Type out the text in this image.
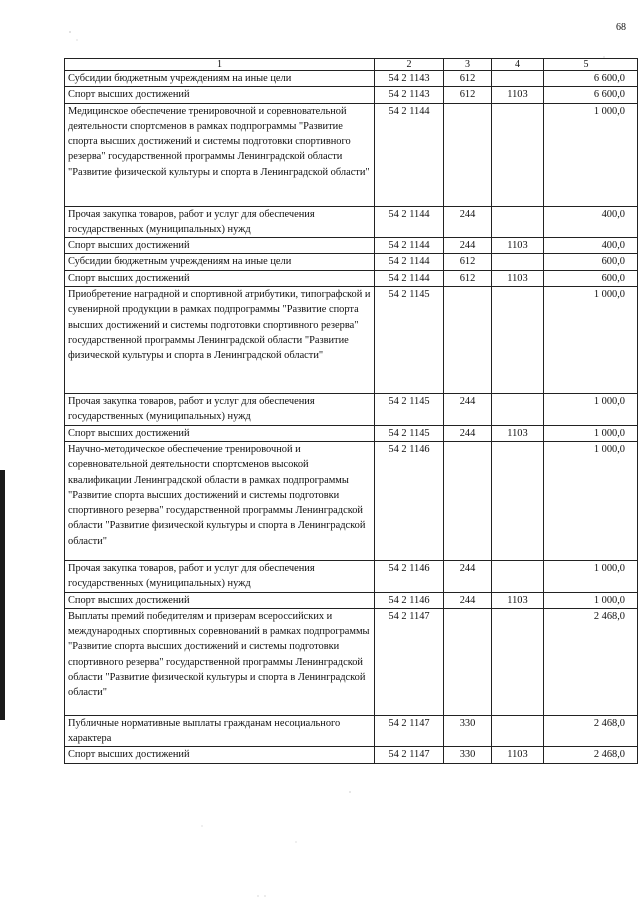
68
1	2	3	4	5
Субсидии бюджетным учреждениям на иные цели	54 2 1143	612		6 600,0
Спорт высших достижений	54 2 1143	612	1103	6 600,0
Медицинское обеспечение тренировочной и соревновательной деятельности спортсменов в рамках подпрограммы "Развитие спорта высших достижений и системы подготовки спортивного резерва" государственной программы Ленинградской области "Развитие физической культуры и спорта в Ленинградской области"	54 2 1144			1 000,0
Прочая закупка товаров, работ и услуг для обеспечения государственных (муниципальных) нужд	54 2 1144	244		400,0
Спорт высших достижений	54 2 1144	244	1103	400,0
Субсидии бюджетным учреждениям на иные цели	54 2 1144	612		600,0
Спорт высших достижений	54 2 1144	612	1103	600,0
Приобретение наградной и спортивной атрибутики, типографской и сувенирной продукции в рамках подпрограммы "Развитие спорта высших достижений и системы подготовки спортивного резерва" государственной программы Ленинградской области "Развитие физической культуры и спорта в Ленинградской области"	54 2 1145			1 000,0
Прочая закупка товаров, работ и услуг для обеспечения государственных (муниципальных) нужд	54 2 1145	244		1 000,0
Спорт высших достижений	54 2 1145	244	1103	1 000,0
Научно-методическое обеспечение тренировочной и соревновательной деятельности спортсменов высокой квалификации Ленинградской области в рамках подпрограммы "Развитие спорта высших достижений и системы подготовки спортивного резерва" государственной программы Ленинградской области "Развитие физической культуры и спорта в Ленинградской области"	54 2 1146			1 000,0
Прочая закупка товаров, работ и услуг для обеспечения государственных (муниципальных) нужд	54 2 1146	244		1 000,0
Спорт высших достижений	54 2 1146	244	1103	1 000,0
Выплаты премий победителям и призерам всероссийских и международных спортивных соревнований в рамках подпрограммы "Развитие спорта высших достижений и системы подготовки спортивного резерва" государственной программы Ленинградской области "Развитие физической культуры и спорта в Ленинградской области"	54 2 1147			2 468,0
Публичные нормативные выплаты гражданам несоциального характера	54 2 1147	330		2 468,0
Спорт высших достижений	54 2 1147	330	1103	2 468,0
